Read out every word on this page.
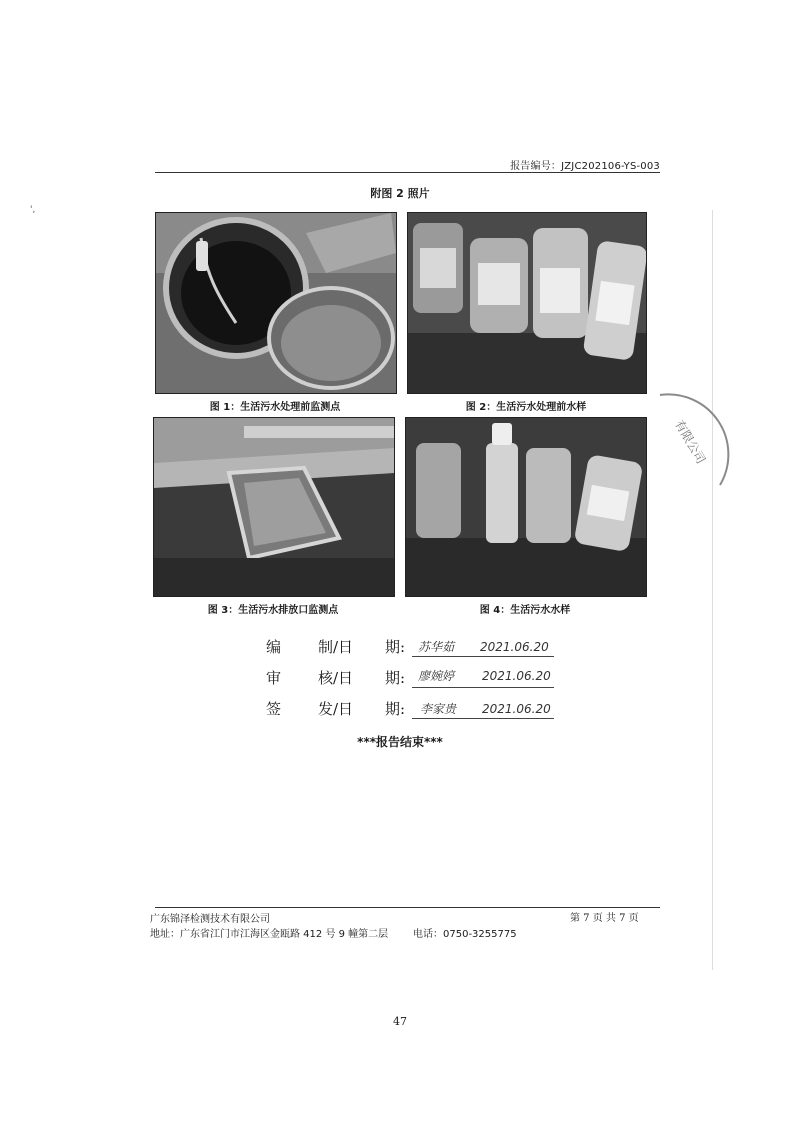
',
报告编号：JZJC202106-YS-003
附图 2 照片
图 1：生活污水处理前监测点	图 2：生活污水处理前水样
图 3：生活污水排放口监测点	图 4：生活污水水样
编 制/日 期: 苏华茹 2021.06.20
审 核/日 期: 廖婉婷 2021.06.20
签 发/日 期: 李家贵 2021.06.20
***报告结束***
有限公司
广东锦泽检测技术有限公司	第 7 页 共 7 页
地址：广东省江门市江海区金瓯路 412 号 9 幢第二层 电话：0750-3255775
47
